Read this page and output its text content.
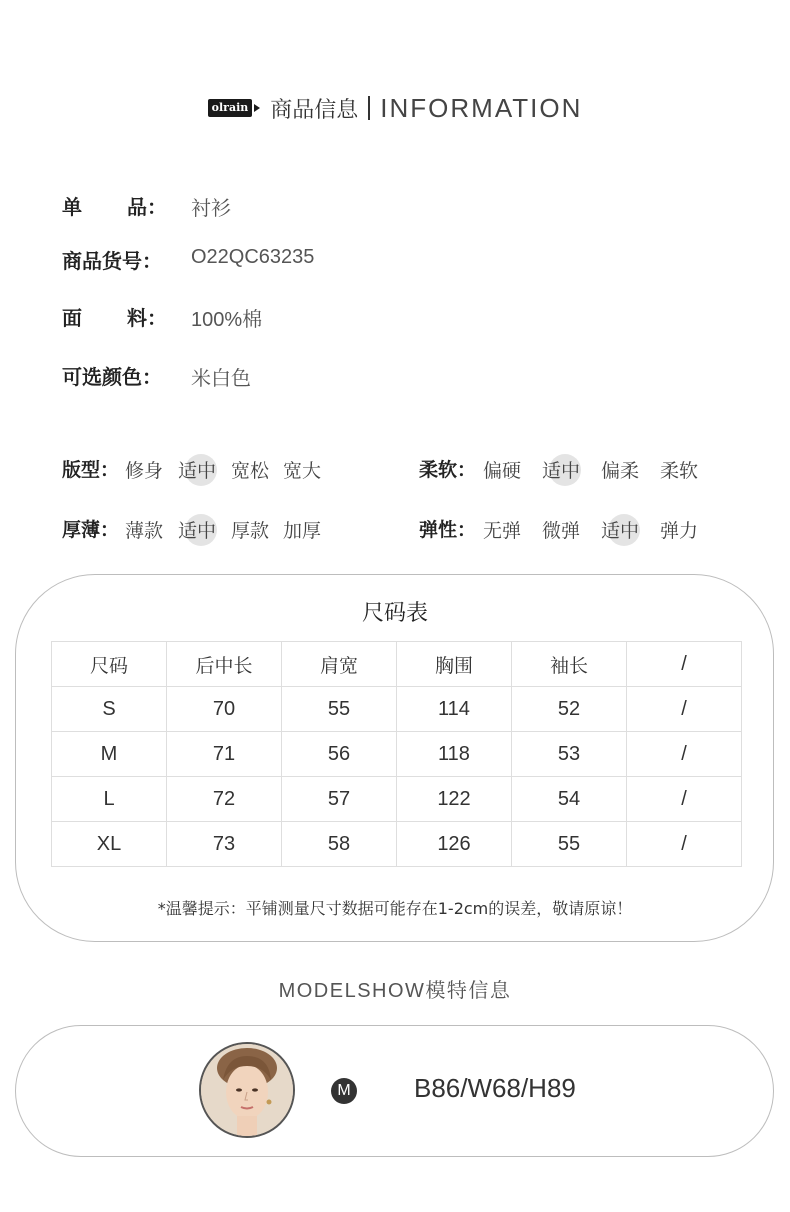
olrain 商品信息 INFORMATION
单 品： 衬衫
商品货号 ： O22QC63235
面 料： 100%棉
可选颜色 ： 米白色
版型： 修身 适中 宽松 宽大	柔软： 偏硬 适中 偏柔 柔软
厚薄： 薄款 适中 厚款 加厚	弹性： 无弹 微弹 适中 弹力
尺码表
尺码	后中长	肩宽	胸围	袖长	/
S	70	55	114	52	/
M	71	56	118	53	/
L	72	57	122	54	/
XL	73	58	126	55	/
*温馨提示：平铺测量尺寸数据可能存在1-2cm的误差，敬请原谅！
MODELSHOW模特信息
M B86/W68/H89
